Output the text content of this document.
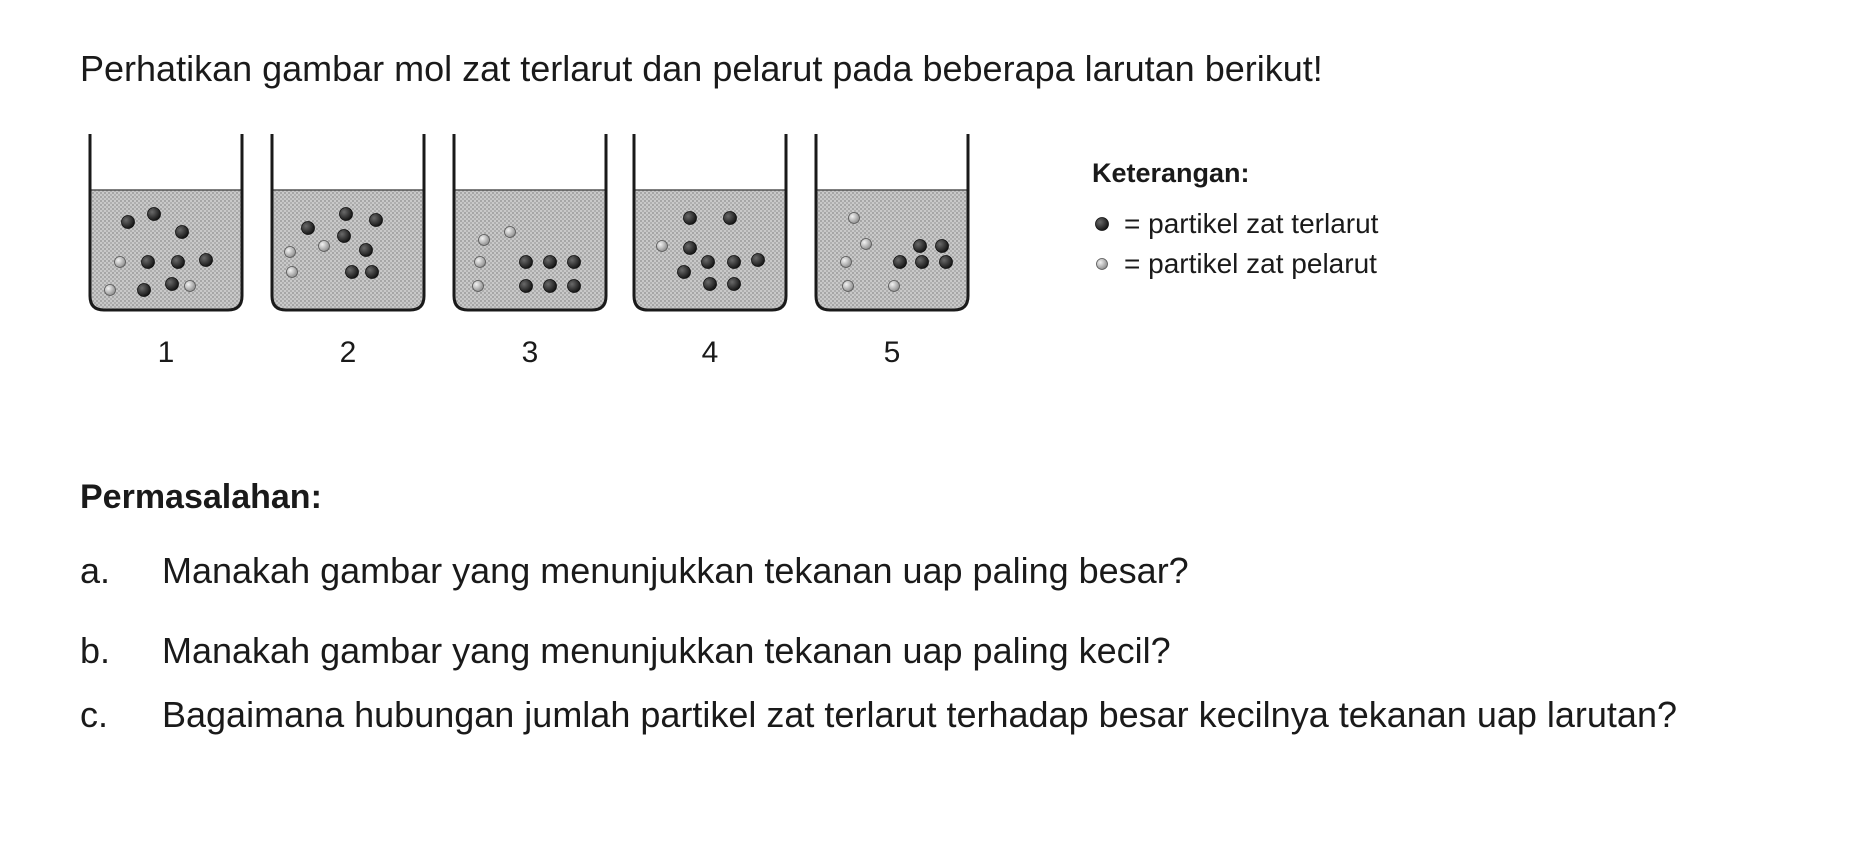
Perhatikan gambar mol zat terlarut dan pelarut pada beberapa larutan berikut!
1	2	3	4	5
Keterangan:
= partikel zat terlarut
= partikel zat pelarut
Permasalahan:
a.	Manakah gambar yang menunjukkan tekanan uap paling besar?
b.	Manakah gambar yang menunjukkan tekanan uap paling kecil?
c.	Bagaimana hubungan jumlah partikel zat terlarut terhadap besar kecilnya tekanan uap larutan?
